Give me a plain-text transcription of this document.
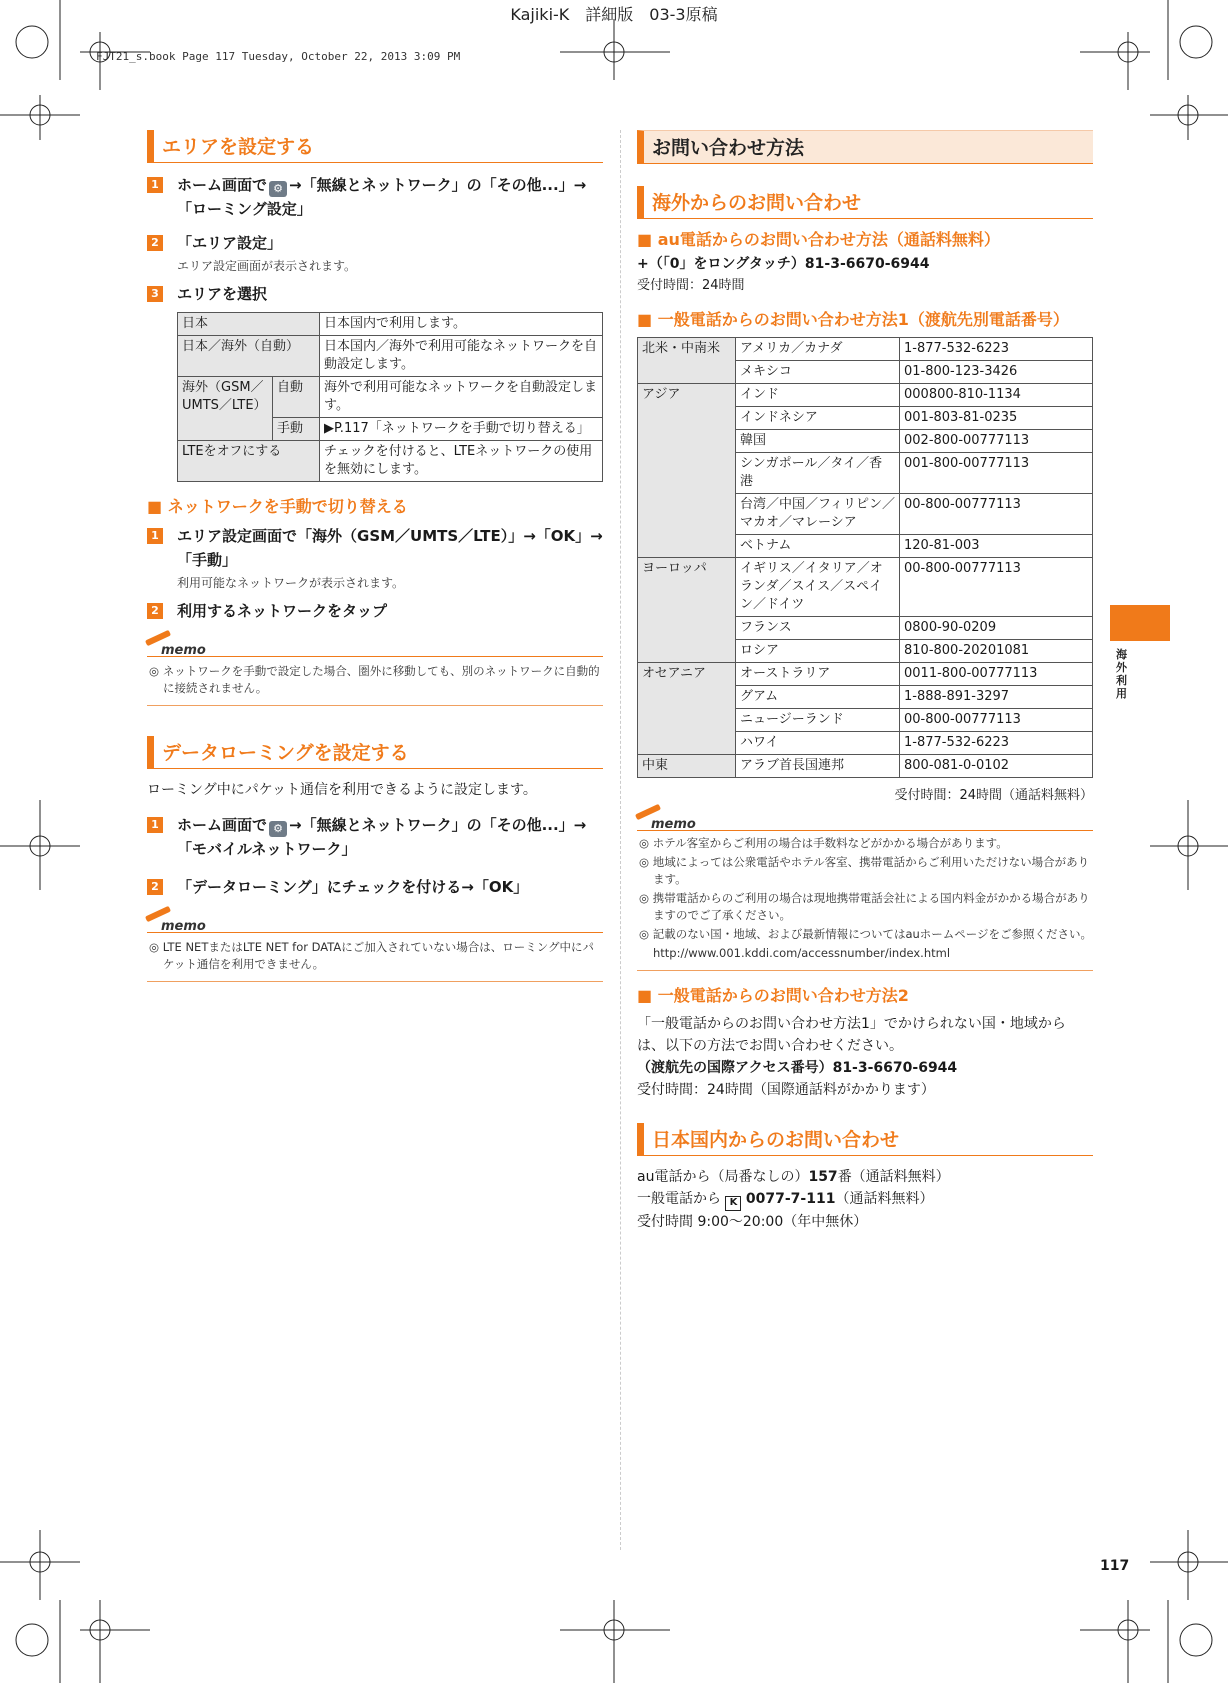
Kajiki-K　詳細版　03-3原稿
FJT21_s.book Page 117 Tuesday, October 22, 2013 3:09 PM
エリアを設定する
1 ホーム画面で ⚙ →「無線とネットワーク」の「その他...」→「ローミング設定」
2 「エリア設定」
エリア設定画面が表示されます。
3 エリアを選択
日本		日本国内で利用します。
日本／海外（自動）		日本国内／海外で利用可能なネットワークを自動設定します。
海外（GSM／UMTS／LTE）	自動	海外で利用可能なネットワークを自動設定します。
	手動	▶P.117「ネットワークを手動で切り替える」
LTEをオフにする		チェックを付けると、LTEネットワークの使用を無効にします。
■ ネットワークを手動で切り替える
1 エリア設定画面で「海外（GSM／UMTS／LTE）」→「OK」→「手動」
利用可能なネットワークが表示されます。
2 利用するネットワークをタップ
memo
◎ ネットワークを手動で設定した場合、圏外に移動しても、別のネットワークに自動的に接続されません。
データローミングを設定する
ローミング中にパケット通信を利用できるように設定します。
1 ホーム画面で ⚙ →「無線とネットワーク」の「その他...」→「モバイルネットワーク」
2 「データローミング」にチェックを付ける→「OK」
memo
◎ LTE NETまたはLTE NET for DATAにご加入されていない場合は、ローミング中にパケット通信を利用できません。
お問い合わせ方法
海外からのお問い合わせ
■ au電話からのお問い合わせ方法（通話料無料）
+（「0」をロングタッチ）81-3-6670-6944
受付時間：24時間
■ 一般電話からのお問い合わせ方法1（渡航先別電話番号）
北米・中南米	アメリカ／カナダ	1-877-532-6223
	メキシコ	01-800-123-3426
アジア	インド	000800-810-1134
	インドネシア	001-803-81-0235
	韓国	002-800-00777113
	シンガポール／タイ／香港	001-800-00777113
	台湾／中国／フィリピン／マカオ／マレーシア	00-800-00777113
	ベトナム	120-81-003
ヨーロッパ	イギリス／イタリア／オランダ／スイス／スペイン／ドイツ	00-800-00777113
	フランス	0800-90-0209
	ロシア	810-800-20201081
オセアニア	オーストラリア	0011-800-00777113
	グアム	1-888-891-3297
	ニュージーランド	00-800-00777113
	ハワイ	1-877-532-6223
中東	アラブ首長国連邦	800-081-0-0102
受付時間：24時間（通話料無料）
memo
◎ ホテル客室からご利用の場合は手数料などがかかる場合があります。
◎ 地域によっては公衆電話やホテル客室、携帯電話からご利用いただけない場合があります。
◎ 携帯電話からのご利用の場合は現地携帯電話会社による国内料金がかかる場合がありますのでご了承ください。
◎ 記載のない国・地域、および最新情報についてはauホームページをご参照ください。
http://www.001.kddi.com/accessnumber/index.html
■ 一般電話からのお問い合わせ方法2
「一般電話からのお問い合わせ方法1」でかけられない国・地域からは、以下の方法でお問い合わせください。
（渡航先の国際アクセス番号）81-3-6670-6944
受付時間：24時間（国際通話料がかかります）
日本国内からのお問い合わせ
au電話から（局番なしの）157番（通話料無料）
一般電話から K 0077-7-111（通話料無料）
受付時間 9:00～20:00（年中無休）
海外利用
117
